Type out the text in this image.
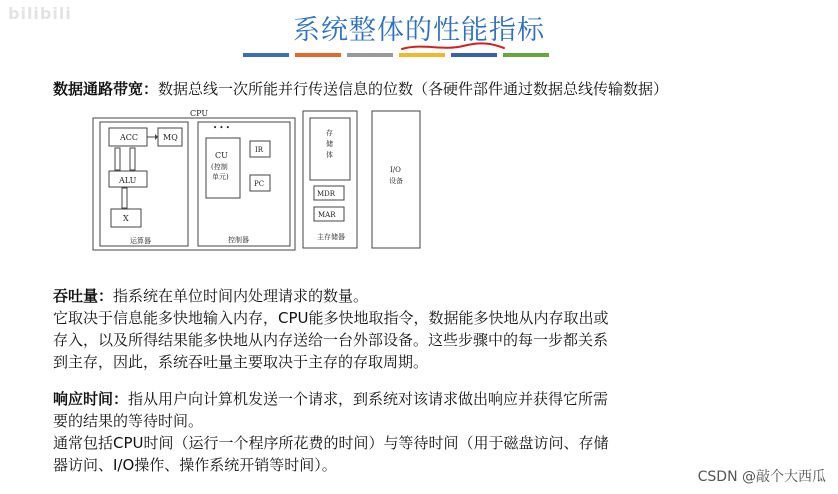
bilibili
系统整体的性能指标
数据通路带宽：数据总线一次所能并行传送信息的位数（各硬件部件通过数据总线传输数据）
CPU
ACC	MQ
ALU
X
运算器
• • •
CU
(控制
单元)
IR
PC
控制器
存
储
体
MDR
MAR
主存储器
I/O
设备

吞吐量：指系统在单位时间内处理请求的数量。

它取决于信息能多快地输入内存，CPU能多快地取指令，数据能多快地从内存取出或

存入，以及所得结果能多快地从内存送给一台外部设备。这些步骤中的每一步都关系

到主存，因此，系统吞吐量主要取决于主存的存取周期。

响应时间：指从用户向计算机发送一个请求，到系统对该请求做出响应并获得它所需

要的结果的等待时间。

通常包括CPU时间（运行一个程序所花费的时间）与等待时间（用于磁盘访问、存储

器访问、I/O操作、操作系统开销等时间）。

CSDN @敲个大西瓜
